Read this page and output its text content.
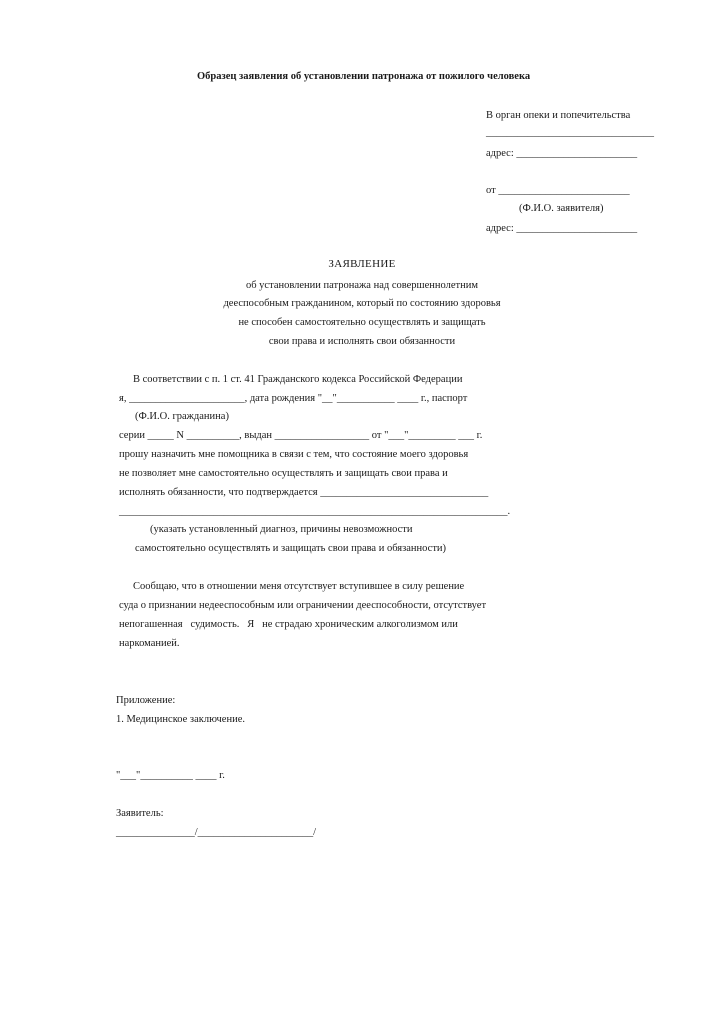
Образец заявления об установлении патронажа от пожилого человека

В орган опеки и попечительства

________________________________

адрес: _______________________

от _________________________

(Ф.И.О. заявителя)

адрес: _______________________

ЗАЯВЛЕНИЕ

об установлении патронажа над совершеннолетним

дееспособным гражданином, который по состоянию здоровья

не способен самостоятельно осуществлять и защищать

свои права и исполнять свои обязанности

В соответствии с п. 1 ст. 41 Гражданского кодекса Российской Федерации

я, ______________________, дата рождения "__"___________ ____ г., паспорт

(Ф.И.О. гражданина)

серии _____ N __________, выдан __________________ от "___"_________ ___ г.

прошу назначить мне помощника в связи с тем, что состояние моего здоровья

не позволяет мне самостоятельно осуществлять и защищать свои права и

исполнять обязанности, что подтверждается ________________________________

__________________________________________________________________________.

(указать установленный диагноз, причины невозможности

самостоятельно осуществлять и защищать свои права и обязанности)

Сообщаю, что в отношении меня отсутствует вступившее в силу решение

суда о признании недееспособным или ограничении дееспособности, отсутствует

непогашенная   судимость.   Я   не страдаю хроническим алкоголизмом или

наркоманией.

Приложение:

1. Медицинское заключение.

"___"__________ ____ г.

Заявитель:

_______________/______________________/
